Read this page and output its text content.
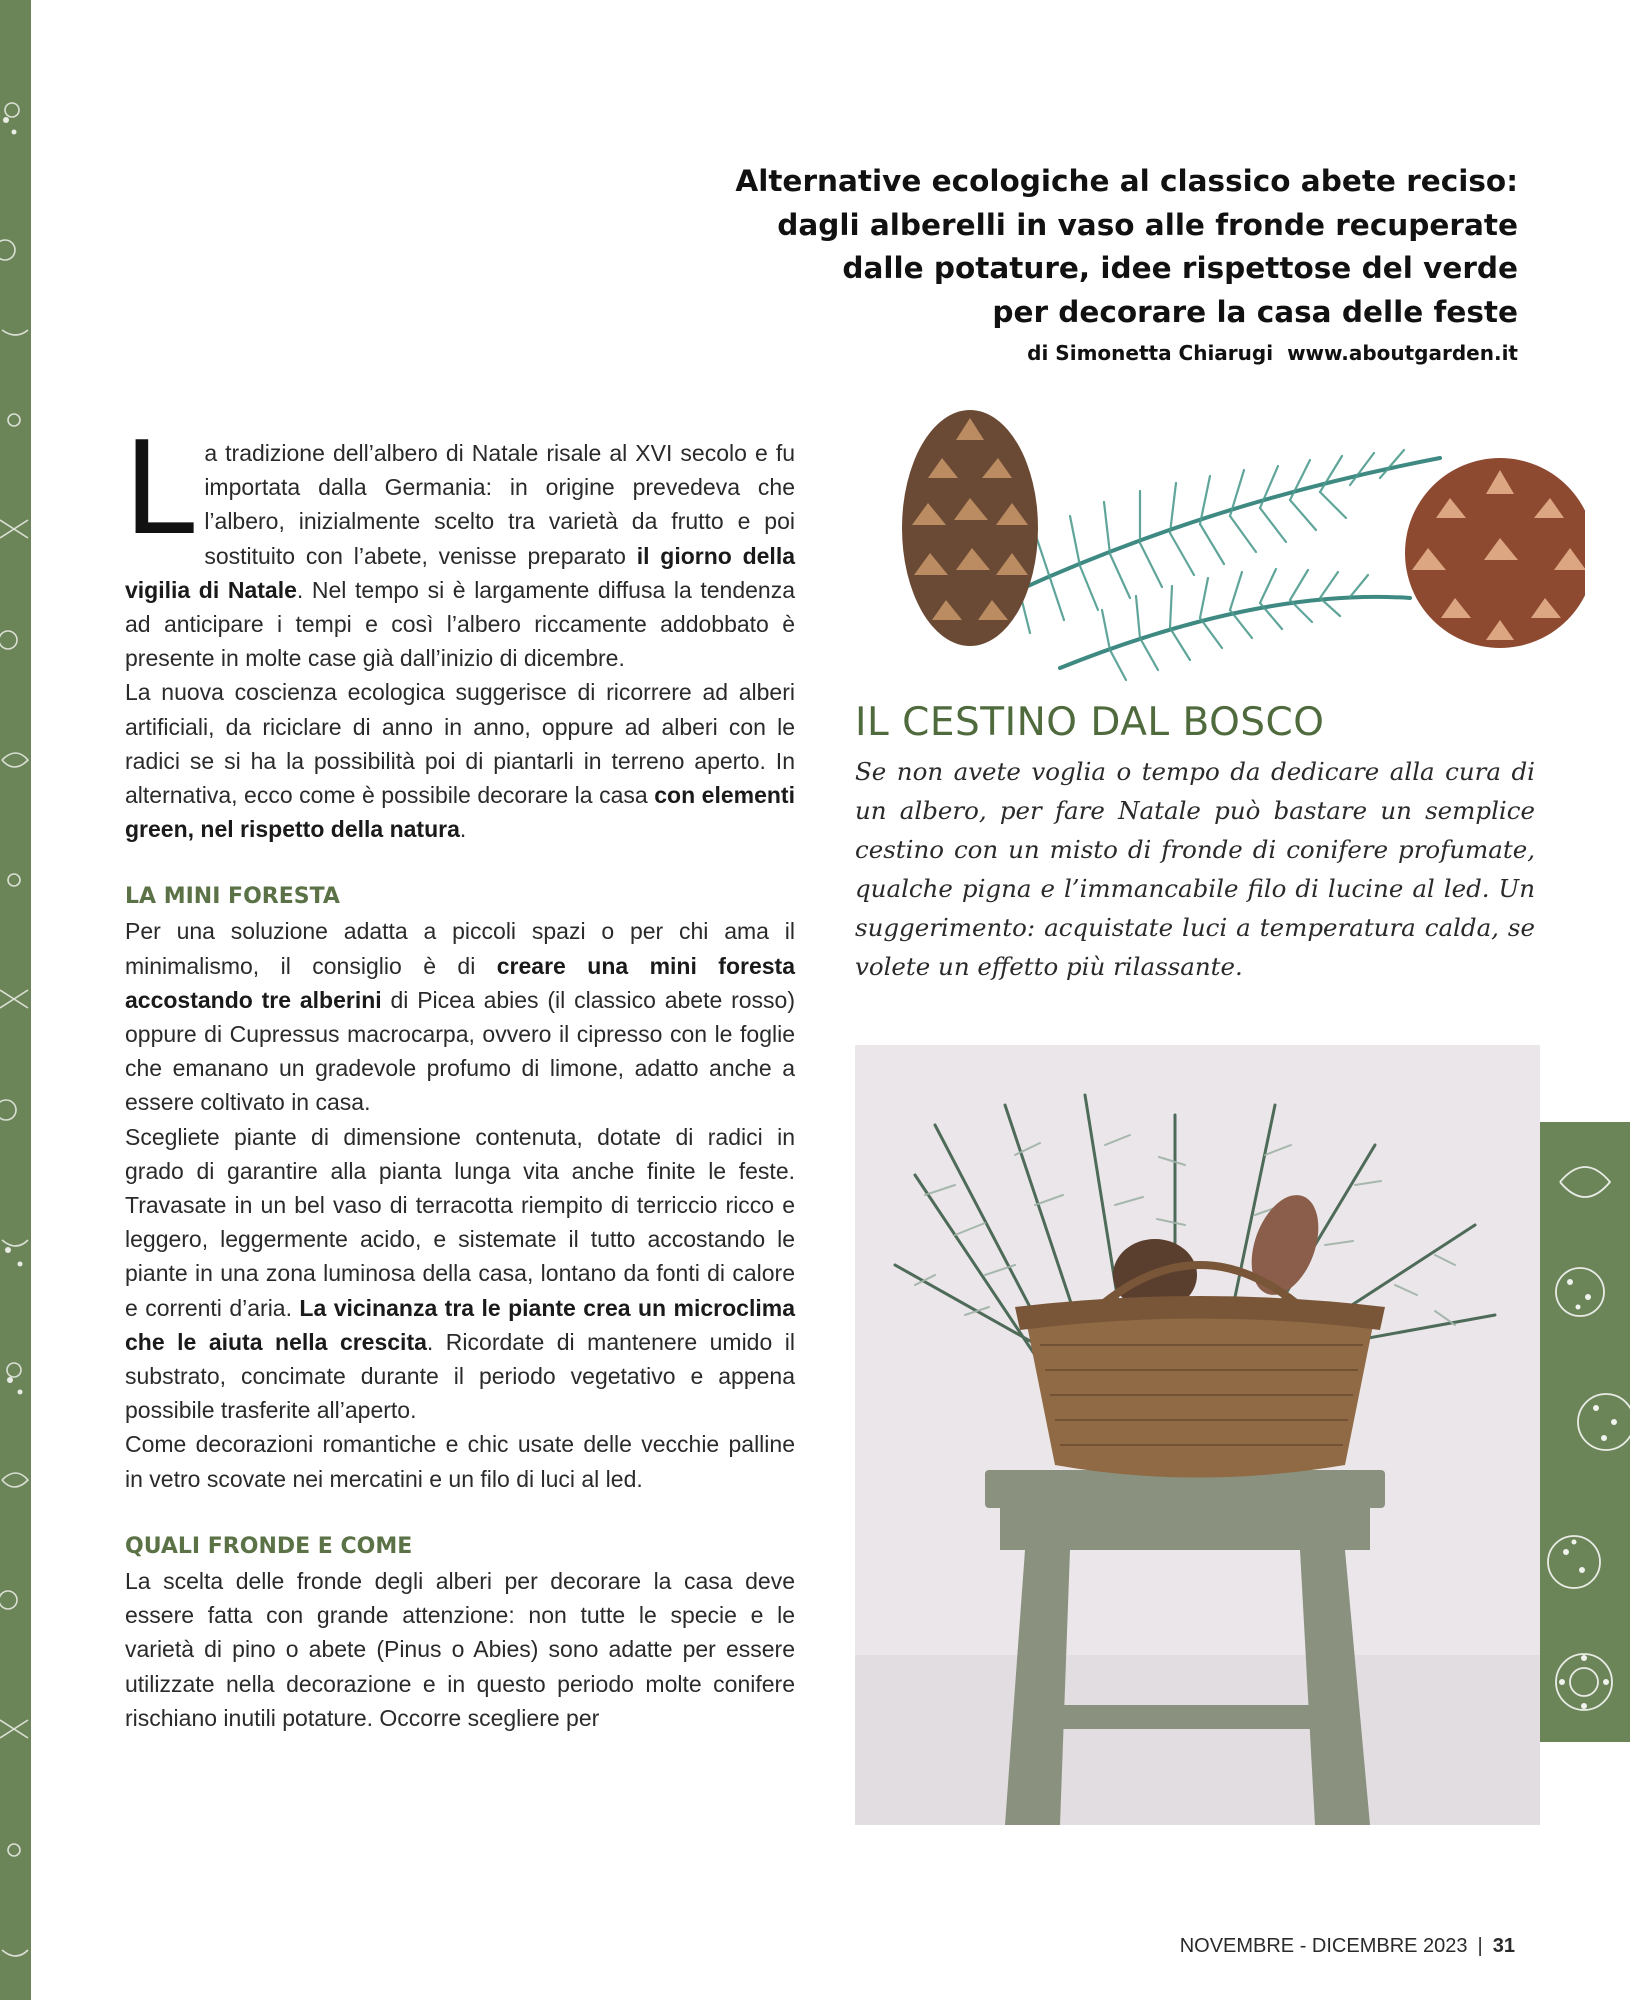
Alternative ecologiche al classico abete reciso:
dagli alberelli in vaso alle fronde recuperate
dalle potature, idee rispettose del verde
per decorare la casa delle feste
di Simonetta Chiarugi www.aboutgarden.it

La tradizione dell’albero di Natale risale al XVI secolo e fu importata dalla Germania: in origine prevedeva che l’albero, inizialmente scelto tra varietà da frutto e poi sostituito con l’abete, venisse preparato il giorno della vigilia di Natale. Nel tempo si è largamente diffusa la tendenza ad anticipare i tempi e così l’albero riccamente addobbato è presente in molte case già dall’inizio di dicembre.

La nuova coscienza ecologica suggerisce di ricorrere ad alberi artificiali, da riciclare di anno in anno, oppure ad alberi con le radici se si ha la possibilità poi di piantarli in terreno aperto. In alternativa, ecco come è possibile decorare la casa con elementi green, nel rispetto della natura.

LA MINI FORESTA

Per una soluzione adatta a piccoli spazi o per chi ama il minimalismo, il consiglio è di creare una mini foresta accostando tre alberini di Picea abies (il classico abete rosso) oppure di Cupressus macrocarpa, ovvero il cipresso con le foglie che emanano un gradevole profumo di limone, adatto anche a essere coltivato in casa.

Scegliete piante di dimensione contenuta, dotate di radici in grado di garantire alla pianta lunga vita anche finite le feste. Travasate in un bel vaso di terracotta riempito di terriccio ricco e leggero, leggermente acido, e sistemate il tutto accostando le piante in una zona luminosa della casa, lontano da fonti di calore e correnti d’aria. La vicinanza tra le piante crea un microclima che le aiuta nella crescita. Ricordate di mantenere umido il substrato, concimate durante il periodo vegetativo e appena possibile trasferite all’aperto.

Come decorazioni romantiche e chic usate delle vecchie palline in vetro scovate nei mercatini e un filo di luci al led.

QUALI FRONDE E COME

La scelta delle fronde degli alberi per decorare la casa deve essere fatta con grande attenzione: non tutte le specie e le varietà di pino o abete (Pinus o Abies) sono adatte per essere utilizzate nella decorazione e in questo periodo molte conifere rischiano inutili potature. Occorre scegliere per

IL CESTINO DAL BOSCO

Se non avete voglia o tempo da dedicare alla cura di un albero, per fare Natale può bastare un semplice cestino con un misto di fronde di conifere profumate, qualche pigna e l’immancabile filo di lucine al led. Un suggerimento: acquistate luci a temperatura calda, se volete un effetto più rilassante.

NOVEMBRE - DICEMBRE 2023 | 31
